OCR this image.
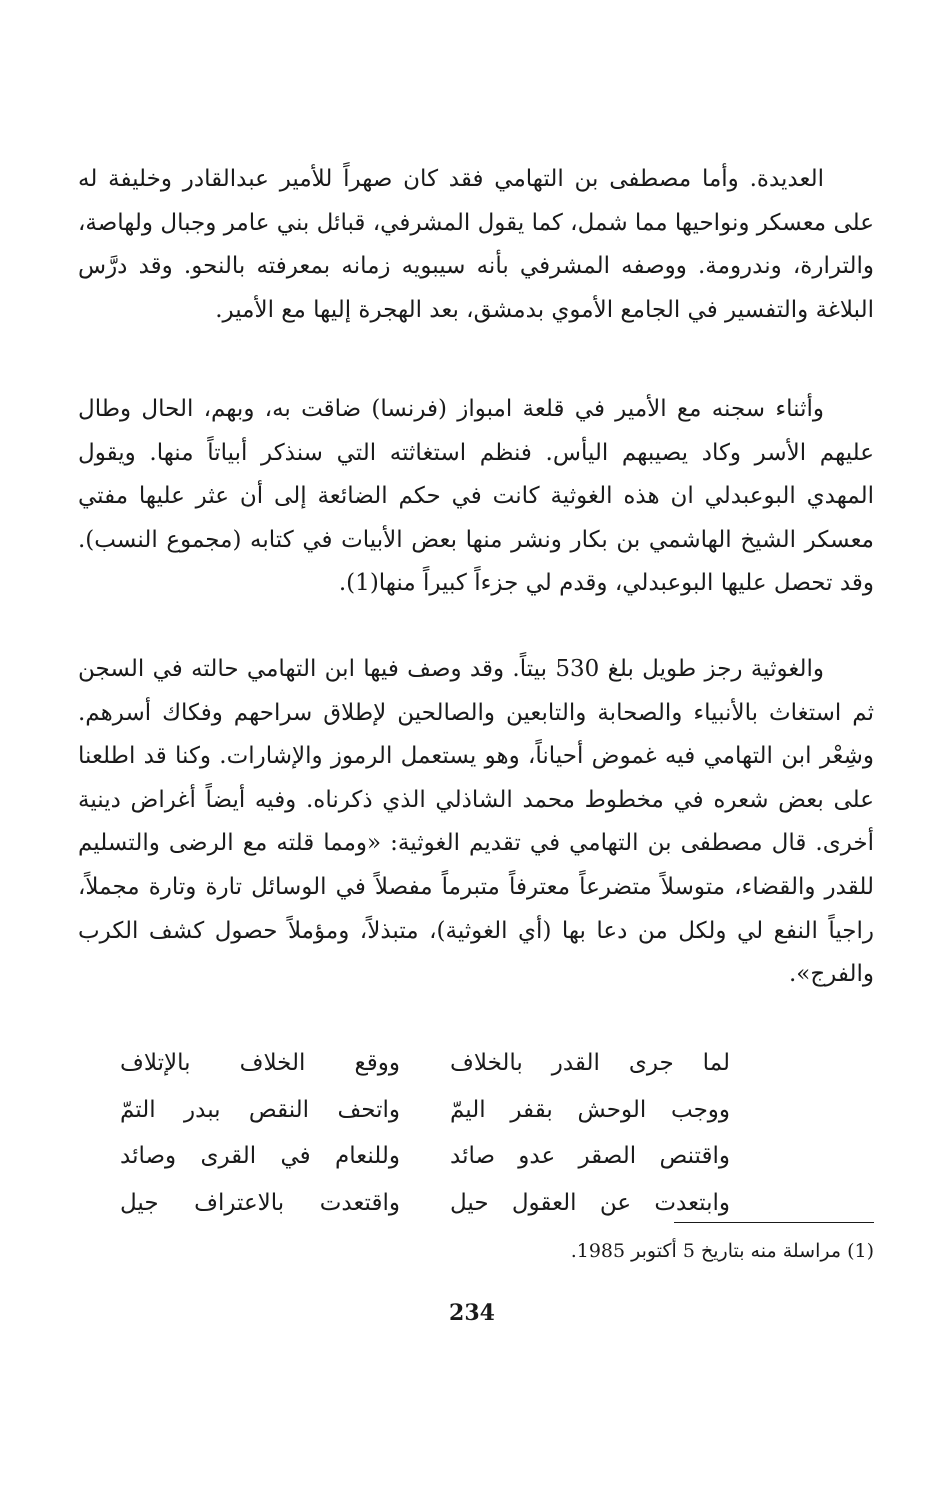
العديدة. وأما مصطفى بن التهامي فقد كان صهراً للأمير عبدالقادر وخليفة له على معسكر ونواحيها مما شمل، كما يقول المشرفي، قبائل بني عامر وجبال ولهاصة، والترارة، وندرومة. ووصفه المشرفي بأنه سيبويه زمانه بمعرفته بالنحو. وقد درَّس البلاغة والتفسير في الجامع الأموي بدمشق، بعد الهجرة إليها مع الأمير.

وأثناء سجنه مع الأمير في قلعة امبواز (فرنسا) ضاقت به، وبهم، الحال وطال عليهم الأسر وكاد يصيبهم اليأس. فنظم استغاثته التي سنذكر أبياتاً منها. ويقول المهدي البوعبدلي ان هذه الغوثية كانت في حكم الضائعة إلى أن عثر عليها مفتي معسكر الشيخ الهاشمي بن بكار ونشر منها بعض الأبيات في كتابه (مجموع النسب). وقد تحصل عليها البوعبدلي، وقدم لي جزءاً كبيراً منها(1).

والغوثية رجز طويل بلغ 530 بيتاً. وقد وصف فيها ابن التهامي حالته في السجن ثم استغاث بالأنبياء والصحابة والتابعين والصالحين لإطلاق سراحهم وفكاك أسرهم. وشِعْر ابن التهامي فيه غموض أحياناً، وهو يستعمل الرموز والإشارات. وكنا قد اطلعنا على بعض شعره في مخطوط محمد الشاذلي الذي ذكرناه. وفيه أيضاً أغراض دينية أخرى. قال مصطفى بن التهامي في تقديم الغوثية: «ومما قلته مع الرضى والتسليم للقدر والقضاء، متوسلاً متضرعاً معترفاً متبرماً مفصلاً في الوسائل تارة وتارة مجملاً، راجياً النفع لي ولكل من دعا بها (أي الغوثية)، متبذلاً، ومؤملاً حصول كشف الكرب والفرج».

لما جرى القدر بالخلاف
ووقع الخلاف بالإتلاف
ووجب الوحش بقفر اليمّ
واتحف النقص ببدر التمّ
واقتنص الصقر عدو صائد
وللنعام في القرى وصائد
وابتعدت عن العقول حيل
واقتعدت بالاعتراف جيل
(1) مراسلة منه بتاريخ 5 أكتوبر 1985.
234
